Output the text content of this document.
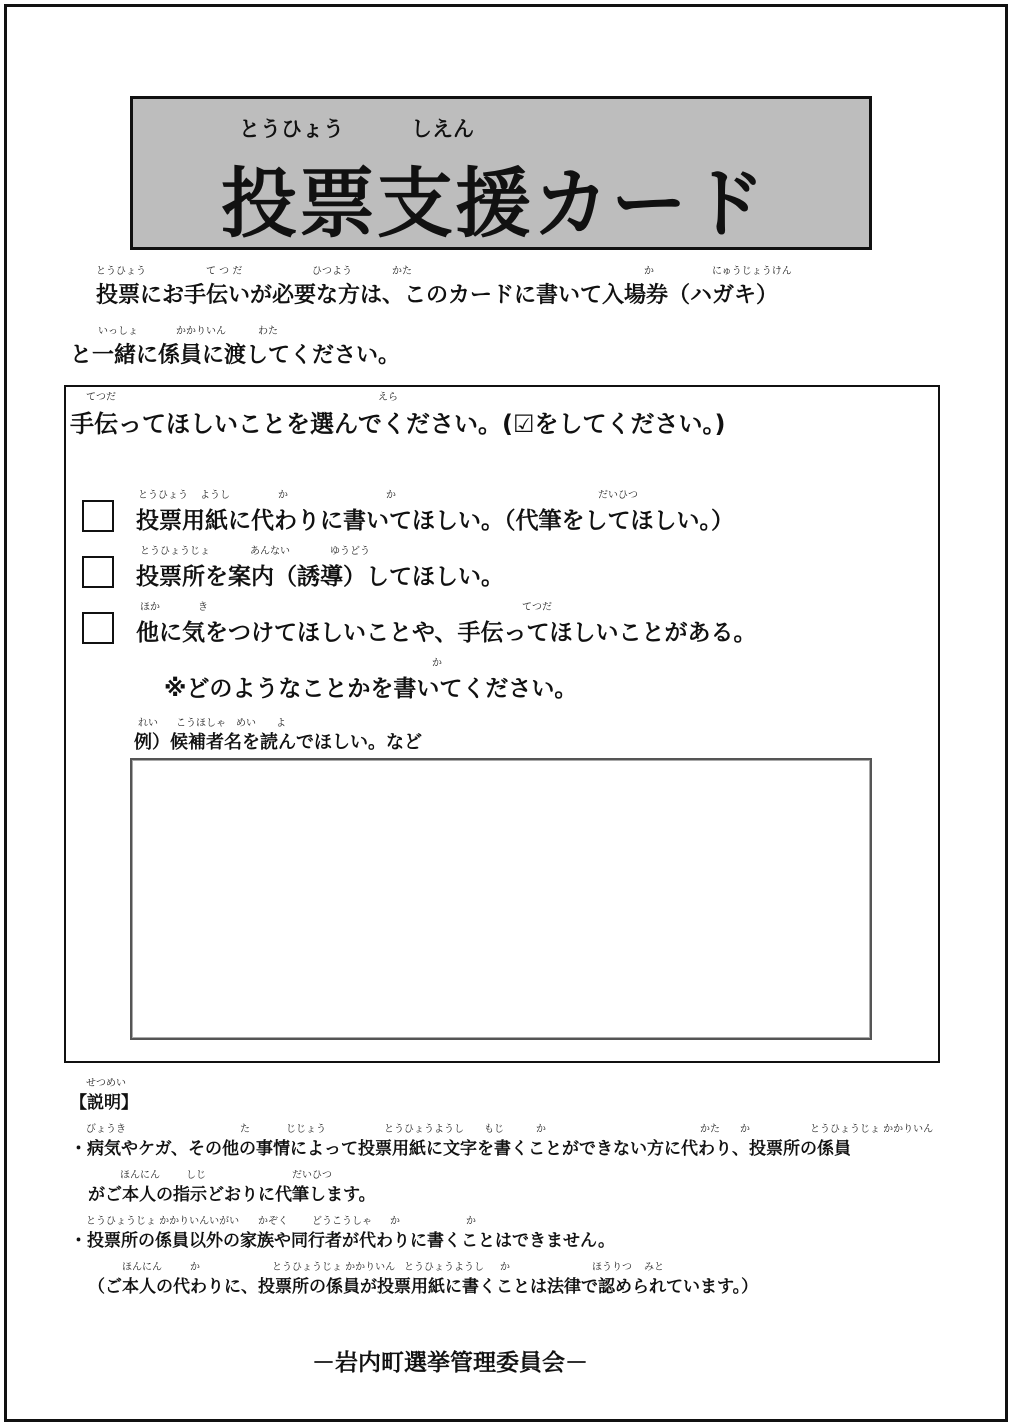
とうひょう	しえん
投票支援カード
とうひょう	て つ だ	ひつよう	かた	か	にゅうじょうけん
投票にお手伝いが必要な方は、このカードに書いて入場券（ハガキ）
いっしょ	かかりいん	わた
と一緒に係員に渡してください。
てつだ	えら
手伝ってほしいことを選んでください。(☑をしてください。)
とうひょう ようし	か	か	だいひつ
投票用紙に代わりに書いてほしい。（代筆をしてほしい。）
とうひょうじょ	あんない	ゆうどう
投票所を案内（誘導）してほしい。
ほか	き	てつだ
他に気をつけてほしいことや、手伝ってほしいことがある。
か
※どのようなことかを書いてください。
れい こうほしゃ めい よ
例）候補者名を読んでほしい。など
せつめい
【説明】
びょうき	た	じじょう	とうひょうようし もじ	か	かた か	とうひょうじょ かかりいん
・病気やケガ、その他の事情によって投票用紙に文字を書くことができない方に代わり、投票所の係員
ほんにん	しじ	だいひつ
がご本人の指示どおりに代筆します。
とうひょうじょ かかりいんいがい かぞく どうこうしゃ か	か
・投票所の係員以外の家族や同行者が代わりに書くことはできません。
ほんにん	か	とうひょうじょ かかりいん とうひょうようし か	ほうりつ みと
（ご本人の代わりに、投票所の係員が投票用紙に書くことは法律で認められています。）
－岩内町選挙管理委員会－
